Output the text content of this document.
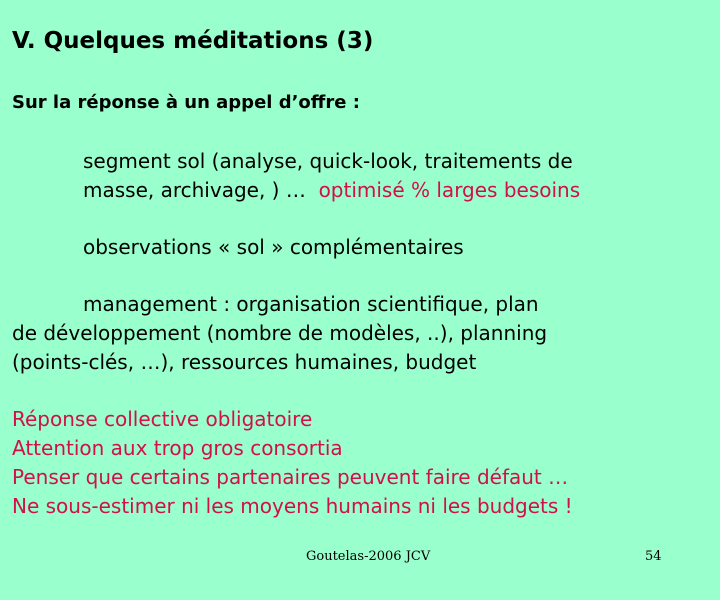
V. Quelques méditations (3)
Sur la réponse à un appel d’offre :
segment sol (analyse, quick-look, traitements de
masse, archivage, ) … optimisé % larges besoins
observations « sol » complémentaires
management : organisation scientifique, plan
de développement (nombre de modèles, ..), planning
(points-clés, …), ressources humaines, budget
Réponse collective obligatoire
Attention aux trop gros consortia
Penser que certains partenaires peuvent faire défaut …
Ne sous-estimer ni les moyens humains ni les budgets !
Goutelas-2006 JCV	54
